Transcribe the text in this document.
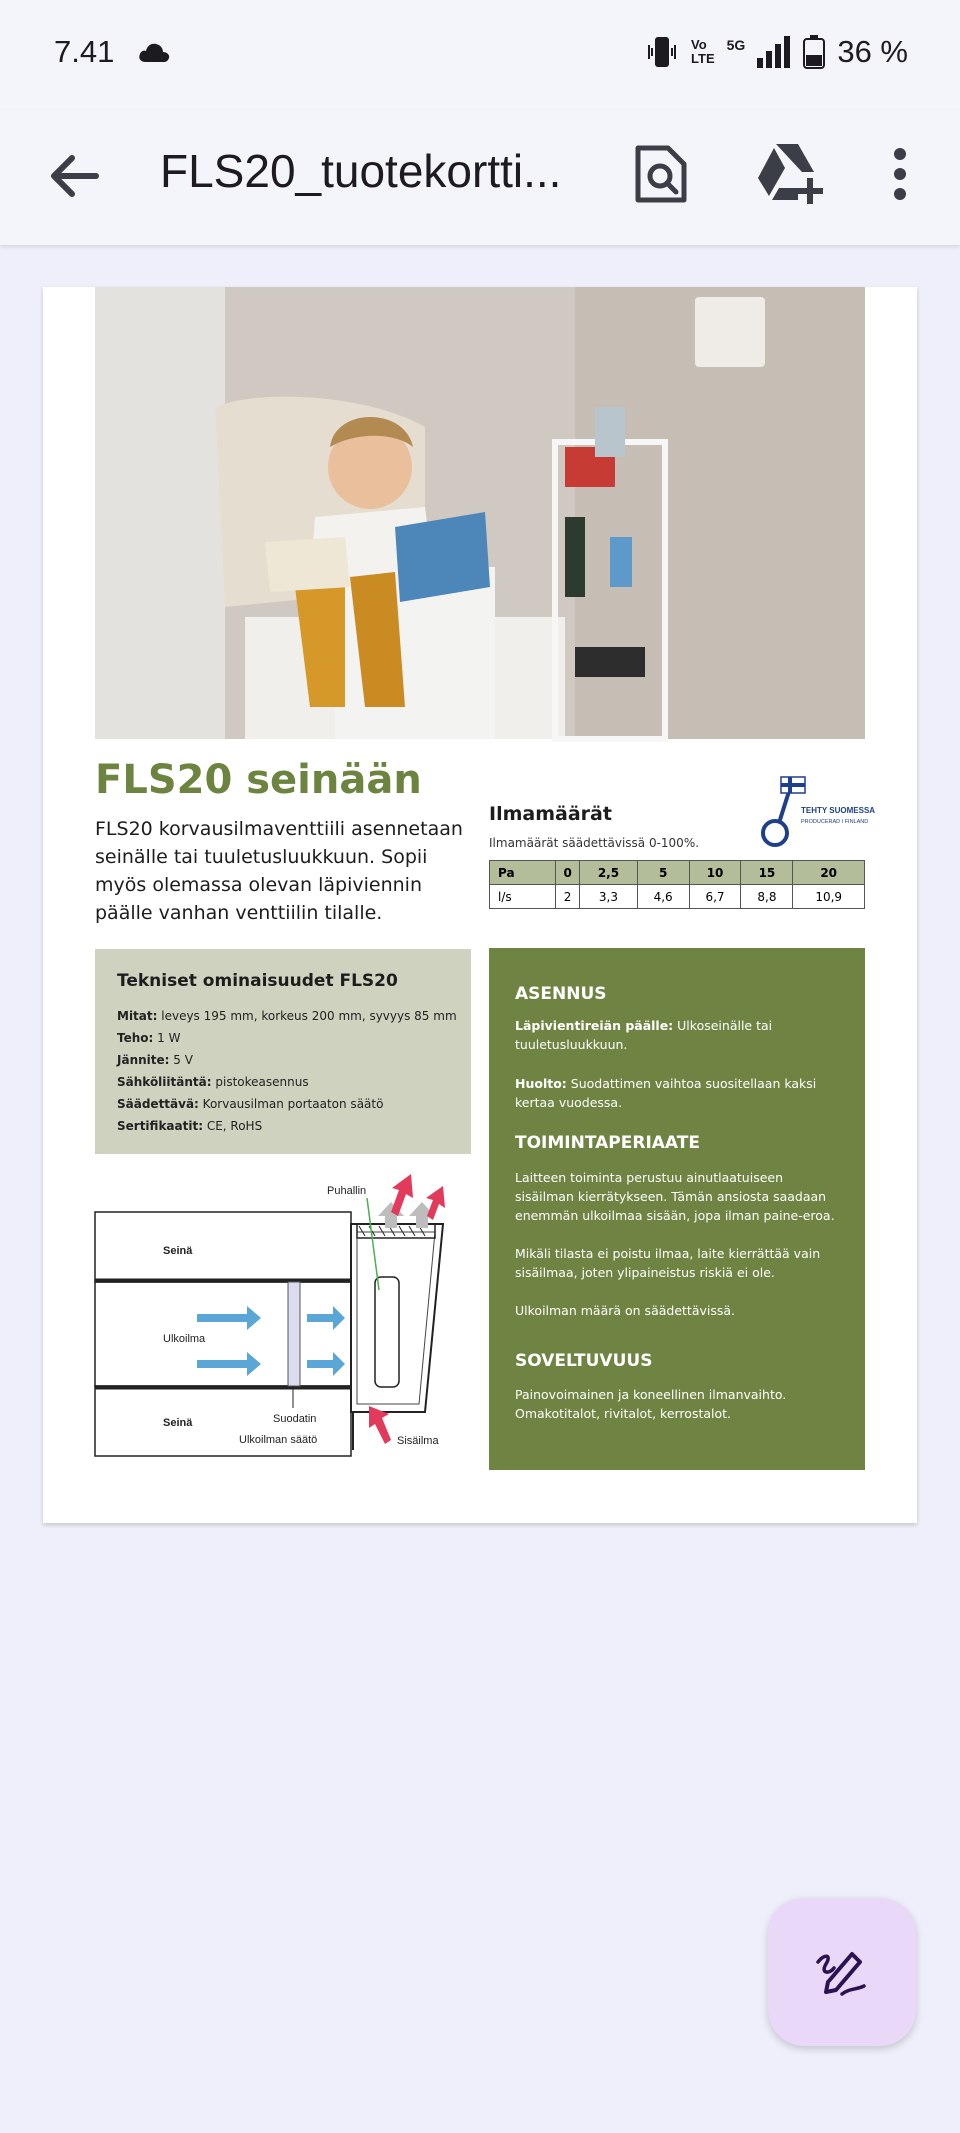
7.41	Vo
LTE
5G	36 %
FLS20_tuotekortti...
FLS20 seinään
FLS20 korvausilmaventtiili asennetaan seinälle tai tuuletusluukkuun. Sopii myös olemassa olevan läpiviennin päälle vanhan venttiilin tilalle.
Ilmamäärät
Ilmamäärät säädettävissä 0-100%.
Pa	0	2,5	5	10	15	20
l/s	2	3,3	4,6	6,7	8,8	10,9
TEHTY SUOMESSA
PRODUCERAD I FINLAND
Tekniset ominaisuudet FLS20
Mitat: leveys 195 mm, korkeus 200 mm, syvyys 85 mm
Teho: 1 W
Jännite: 5 V
Sähköliitäntä: pistokeasennus
Säädettävä: Korvausilman portaaton säätö
Sertifikaatit: CE, RoHS
Puhallin
Seinä
Ulkoilma
Seinä	Suodatin
Ulkoilman säätö	Sisäilma
ASENNUS
Läpivientireiän päälle: Ulkoseinälle tai tuuletusluukkuun.
Huolto: Suodattimen vaihtoa suositellaan kaksi kertaa vuodessa.
TOIMINTAPERIAATE
Laitteen toiminta perustuu ainutlaatuiseen sisäilman kierrätykseen. Tämän ansiosta saadaan enemmän ulkoilmaa sisään, jopa ilman paine-eroa.
Mikäli tilasta ei poistu ilmaa, laite kierrättää vain sisäilmaa, joten ylipaineistus riskiä ei ole.
Ulkoilman määrä on säädettävissä.
SOVELTUVUUS
Painovoimainen ja koneellinen ilmanvaihto. Omakotitalot, rivitalot, kerrostalot.
